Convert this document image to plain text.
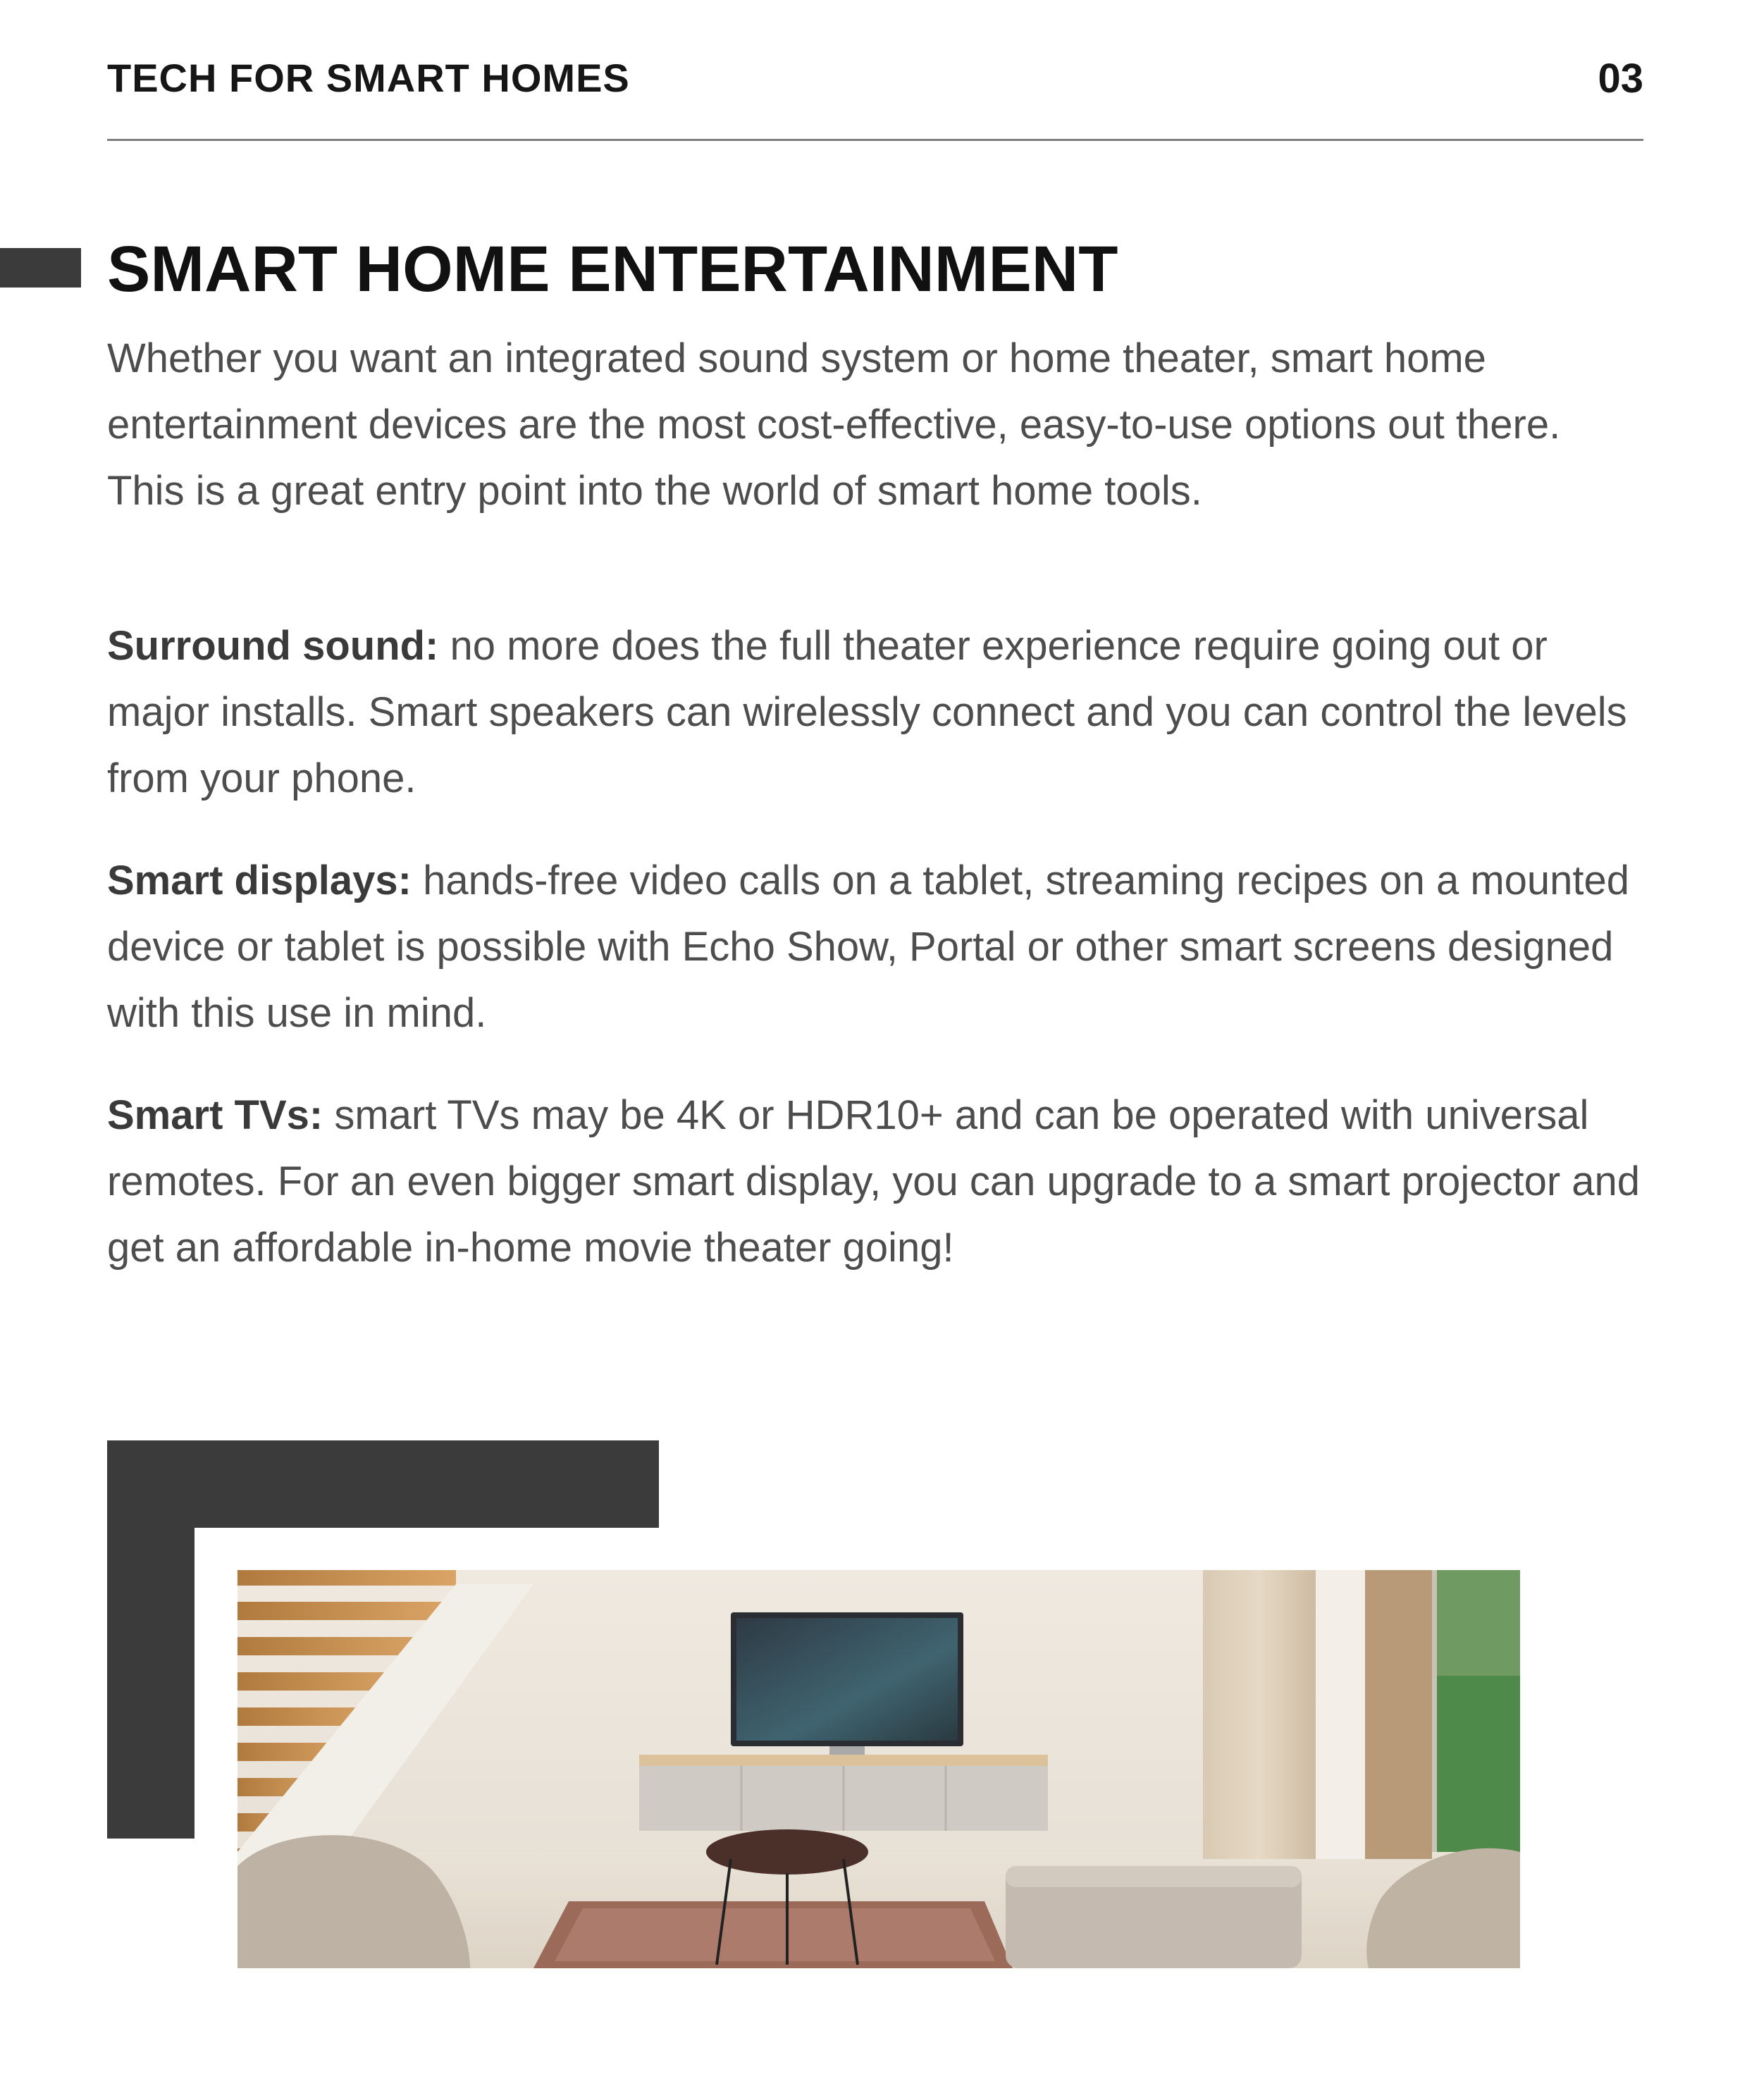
TECH FOR SMART HOMES	03
SMART HOME ENTERTAINMENT

Whether you want an integrated sound system or home theater, smart home entertainment devices are the most cost-effective, easy-to-use options out there. This is a great entry point into the world of smart home tools.

Surround sound: no more does the full theater experience require going out or major installs. Smart speakers can wirelessly connect and you can control the levels from your phone.

Smart displays: hands-free video calls on a tablet, streaming recipes on a mounted device or tablet is possible with Echo Show, Portal or other smart screens designed with this use in mind.

Smart TVs: smart TVs may be 4K or HDR10+ and can be operated with universal remotes. For an even bigger smart display, you can upgrade to a smart projector and get an affordable in-home movie theater going!
